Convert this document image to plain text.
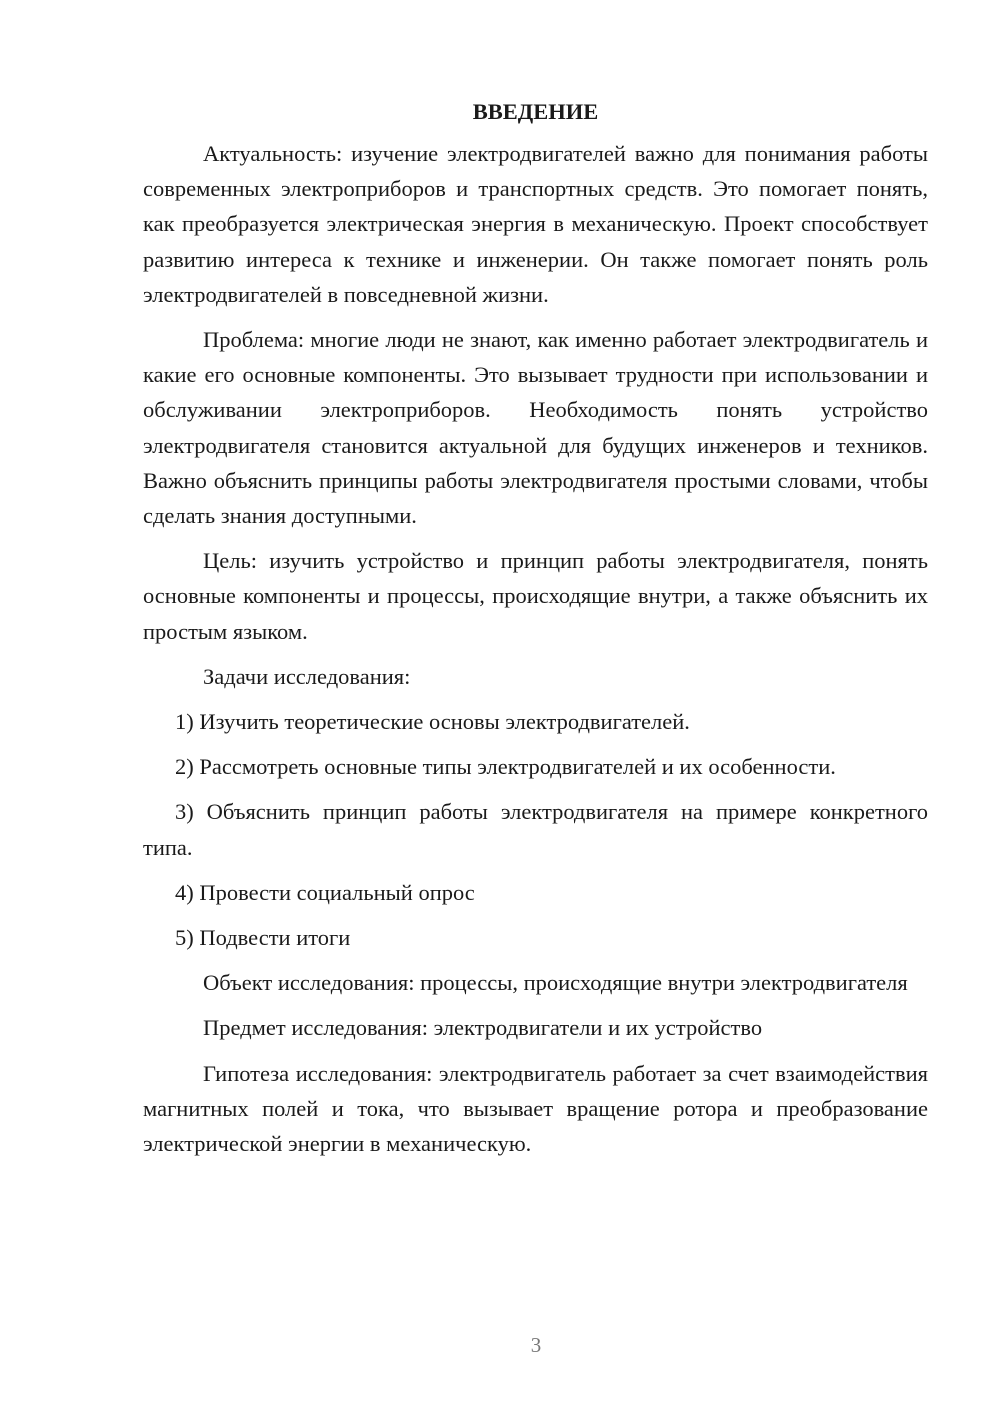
ВВЕДЕНИЕ

Актуальность: изучение электродвигателей важно для понимания работы современных электроприборов и транспортных средств. Это помогает понять, как преобразуется электрическая энергия в механическую. Проект способствует развитию интереса к технике и инженерии. Он также помогает понять роль электродвигателей в повседневной жизни.

Проблема: многие люди не знают, как именно работает электродвигатель и какие его основные компоненты. Это вызывает трудности при использовании и обслуживании электроприборов. Необходимость понять устройство электродвигателя становится актуальной для будущих инженеров и техников. Важно объяснить принципы работы электродвигателя простыми словами, чтобы сделать знания доступными.

Цель: изучить устройство и принцип работы электродвигателя, понять основные компоненты и процессы, происходящие внутри, а также объяснить их простым языком.

Задачи исследования:

1) Изучить теоретические основы электродвигателей.

2) Рассмотреть основные типы электродвигателей и их особенности.

3) Объяснить принцип работы электродвигателя на примере конкретного типа.

4) Провести социальный опрос

5) Подвести итоги

Объект исследования: процессы, происходящие внутри электродвигателя

Предмет исследования: электродвигатели и их устройство

Гипотеза исследования: электродвигатель работает за счет взаимодействия магнитных полей и тока, что вызывает вращение ротора и преобразование электрической энергии в механическую.

3
